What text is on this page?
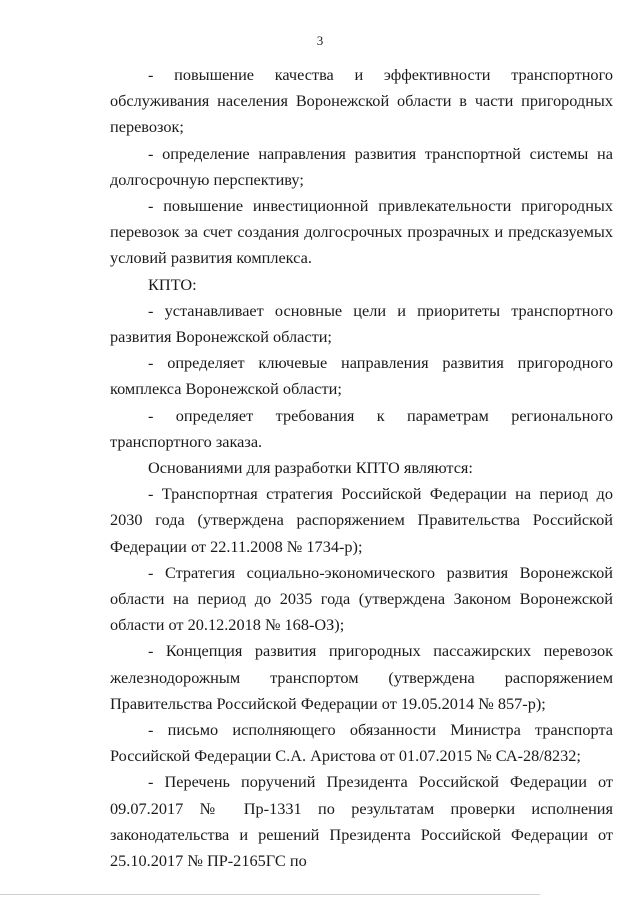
3

- повышение качества и эффективности транспортного обслуживания населения Воронежской области в части пригородных перевозок;

- определение направления развития транспортной системы на долгосрочную перспективу;

- повышение инвестиционной привлекательности пригородных перевозок за счет создания долгосрочных прозрачных и предсказуемых условий развития комплекса.

КПТО:

- устанавливает основные цели и приоритеты транспортного развития Воронежской области;

- определяет ключевые направления развития пригородного комплекса Воронежской области;

- определяет требования к параметрам регионального транспортного заказа.

Основаниями для разработки КПТО являются:

- Транспортная стратегия Российской Федерации на период до 2030 года (утверждена распоряжением Правительства Российской Федерации от 22.11.2008 № 1734-р);

- Стратегия социально-экономического развития Воронежской области на период до 2035 года (утверждена Законом Воронежской области от 20.12.2018 № 168-ОЗ);

- Концепция развития пригородных пассажирских перевозок железнодорожным транспортом (утверждена распоряжением Правительства Российской Федерации от 19.05.2014 № 857-р);

- письмо исполняющего обязанности Министра транспорта Российской Федерации С.А. Аристова от 01.07.2015 № СА-28/8232;

- Перечень поручений Президента Российской Федерации от 09.07.2017 № Пр-1331 по результатам проверки исполнения законодательства и решений Президента Российской Федерации от 25.10.2017 № ПР-2165ГС по
